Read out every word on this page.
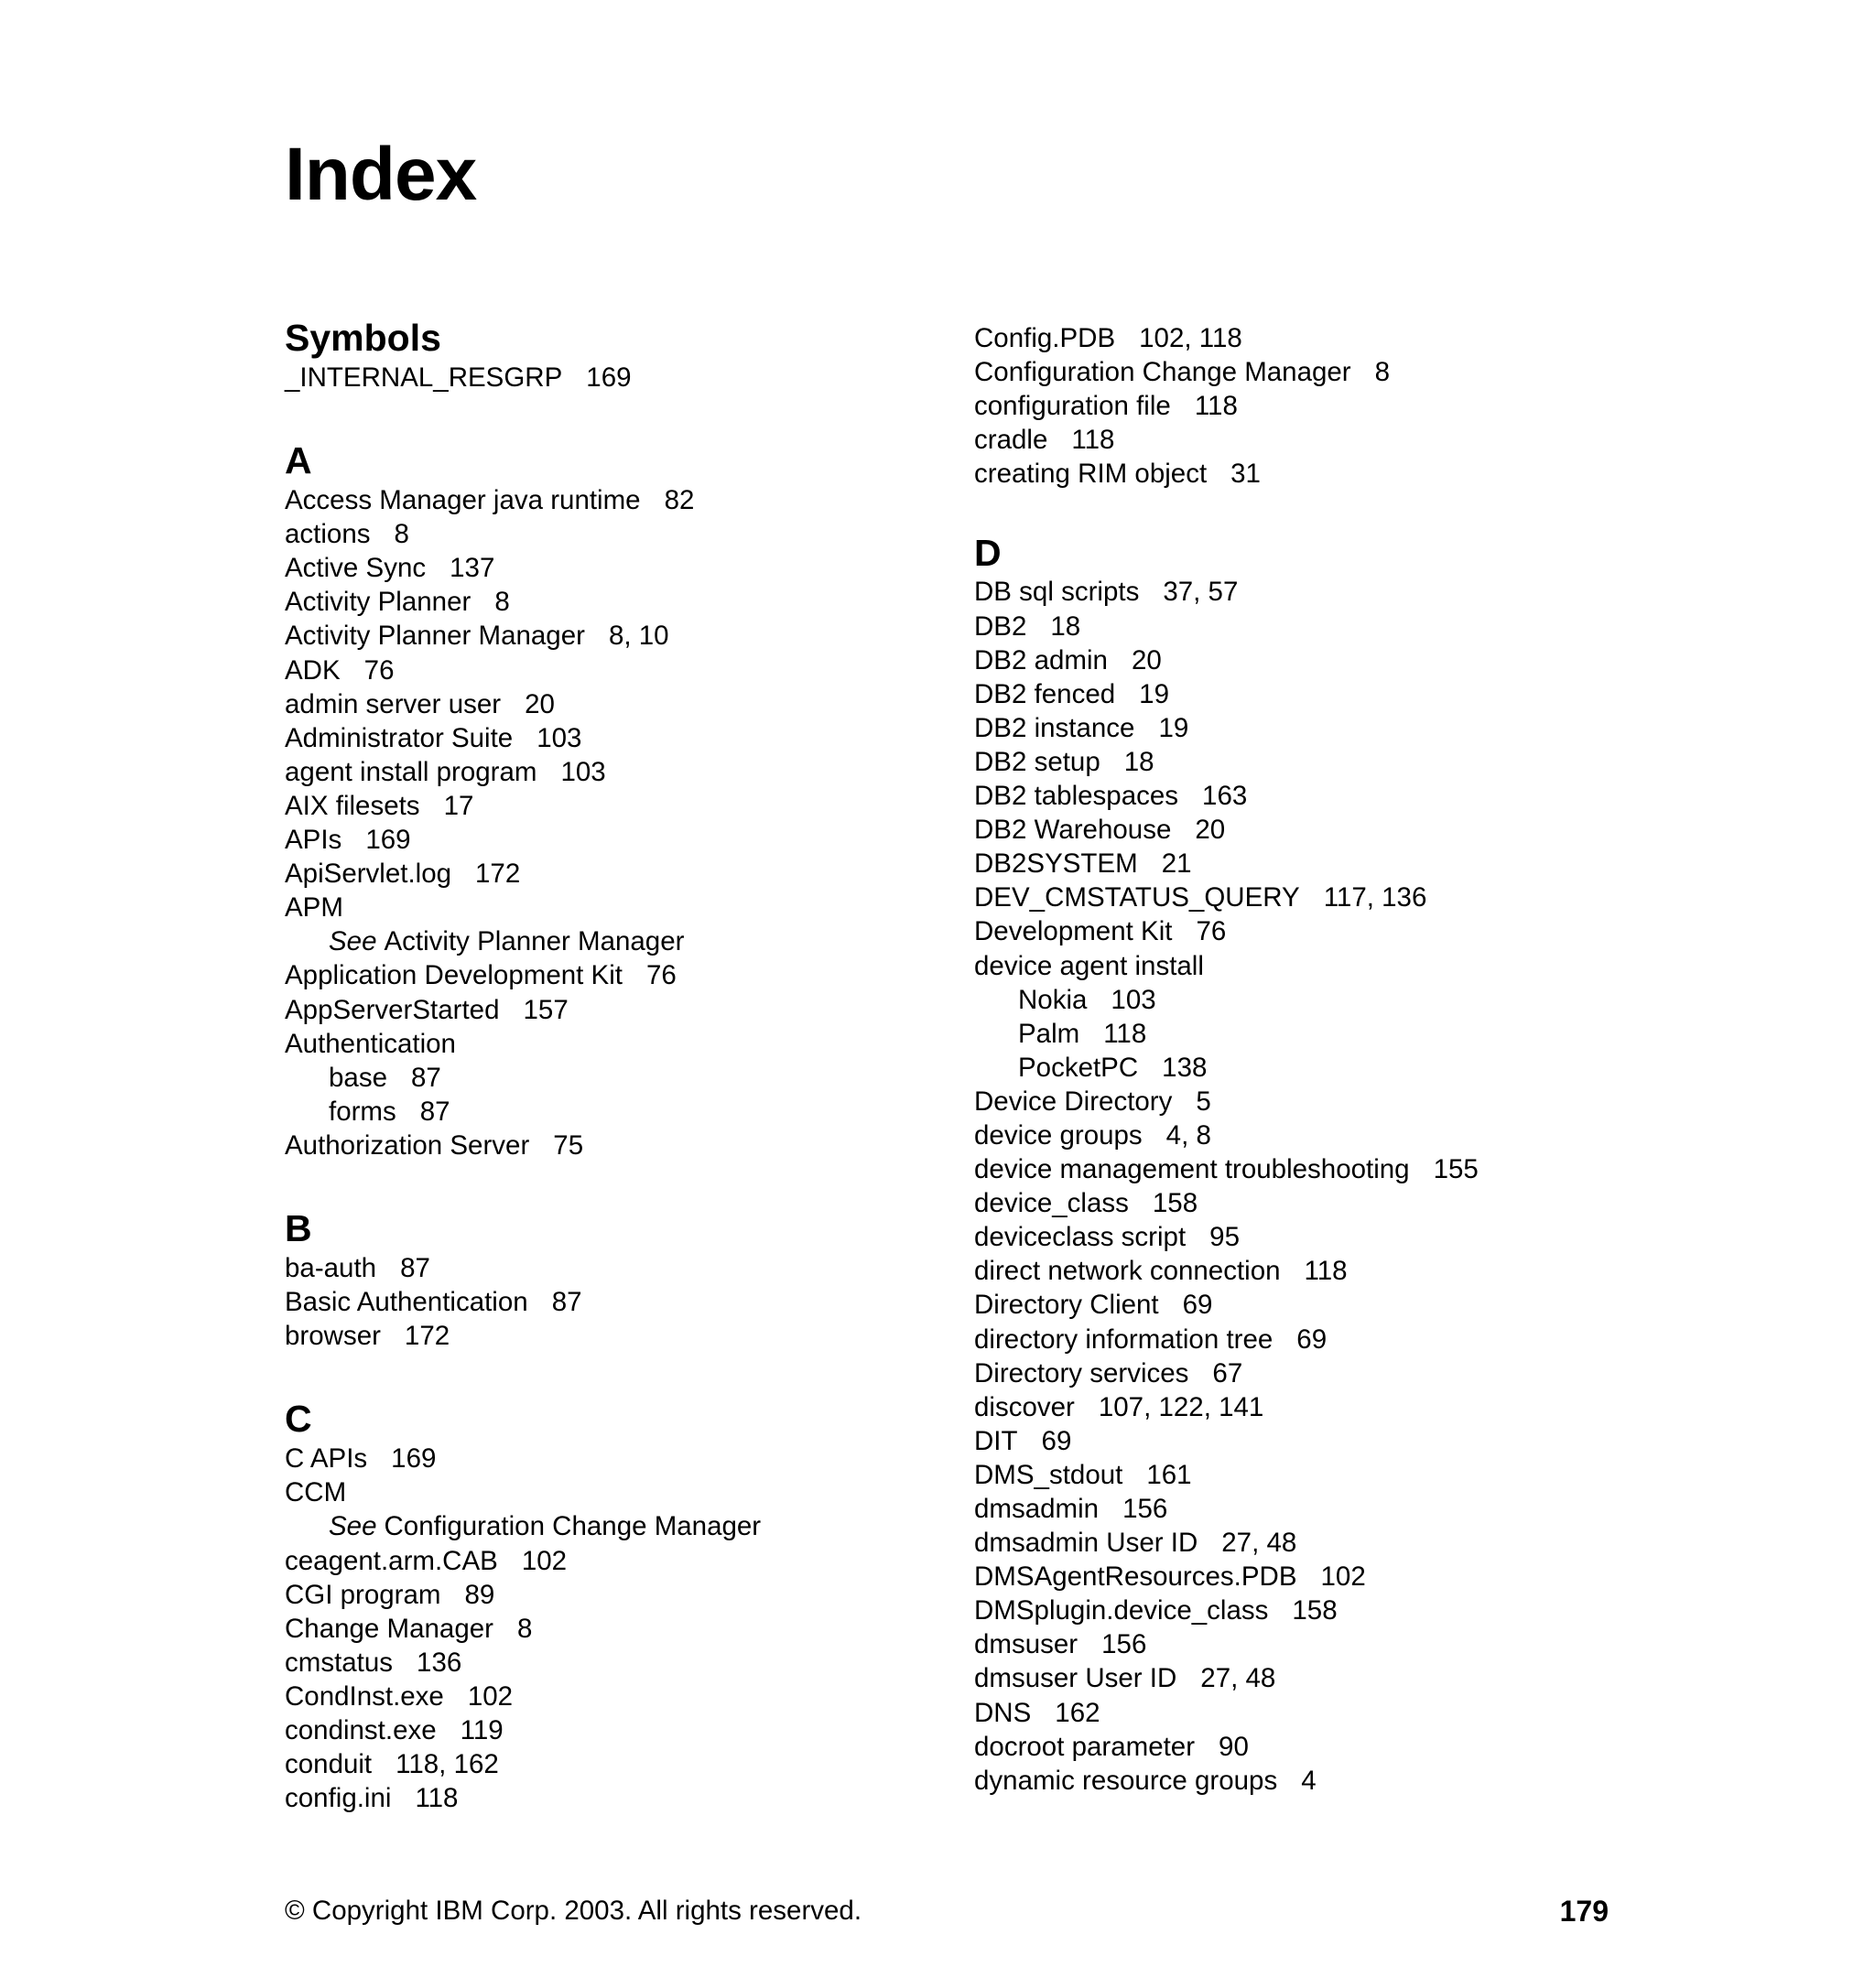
Index
Symbols
_INTERNAL_RESGRP 169
A
Access Manager java runtime 82
actions 8
Active Sync 137
Activity Planner 8
Activity Planner Manager 8, 10
ADK 76
admin server user 20
Administrator Suite 103
agent install program 103
AIX filesets 17
APIs 169
ApiServlet.log 172
APM
See Activity Planner Manager
Application Development Kit 76
AppServerStarted 157
Authentication
base 87
forms 87
Authorization Server 75
B
ba-auth 87
Basic Authentication 87
browser 172
C
C APIs 169
CCM
See Configuration Change Manager
ceagent.arm.CAB 102
CGI program 89
Change Manager 8
cmstatus 136
CondInst.exe 102
condinst.exe 119
conduit 118, 162
config.ini 118
Config.PDB 102, 118
Configuration Change Manager 8
configuration file 118
cradle 118
creating RIM object 31
D
DB sql scripts 37, 57
DB2 18
DB2 admin 20
DB2 fenced 19
DB2 instance 19
DB2 setup 18
DB2 tablespaces 163
DB2 Warehouse 20
DB2SYSTEM 21
DEV_CMSTATUS_QUERY 117, 136
Development Kit 76
device agent install
Nokia 103
Palm 118
PocketPC 138
Device Directory 5
device groups 4, 8
device management troubleshooting 155
device_class 158
deviceclass script 95
direct network connection 118
Directory Client 69
directory information tree 69
Directory services 67
discover 107, 122, 141
DIT 69
DMS_stdout 161
dmsadmin 156
dmsadmin User ID 27, 48
DMSAgentResources.PDB 102
DMSplugin.device_class 158
dmsuser 156
dmsuser User ID 27, 48
DNS 162
docroot parameter 90
dynamic resource groups 4
© Copyright IBM Corp. 2003. All rights reserved.	179
